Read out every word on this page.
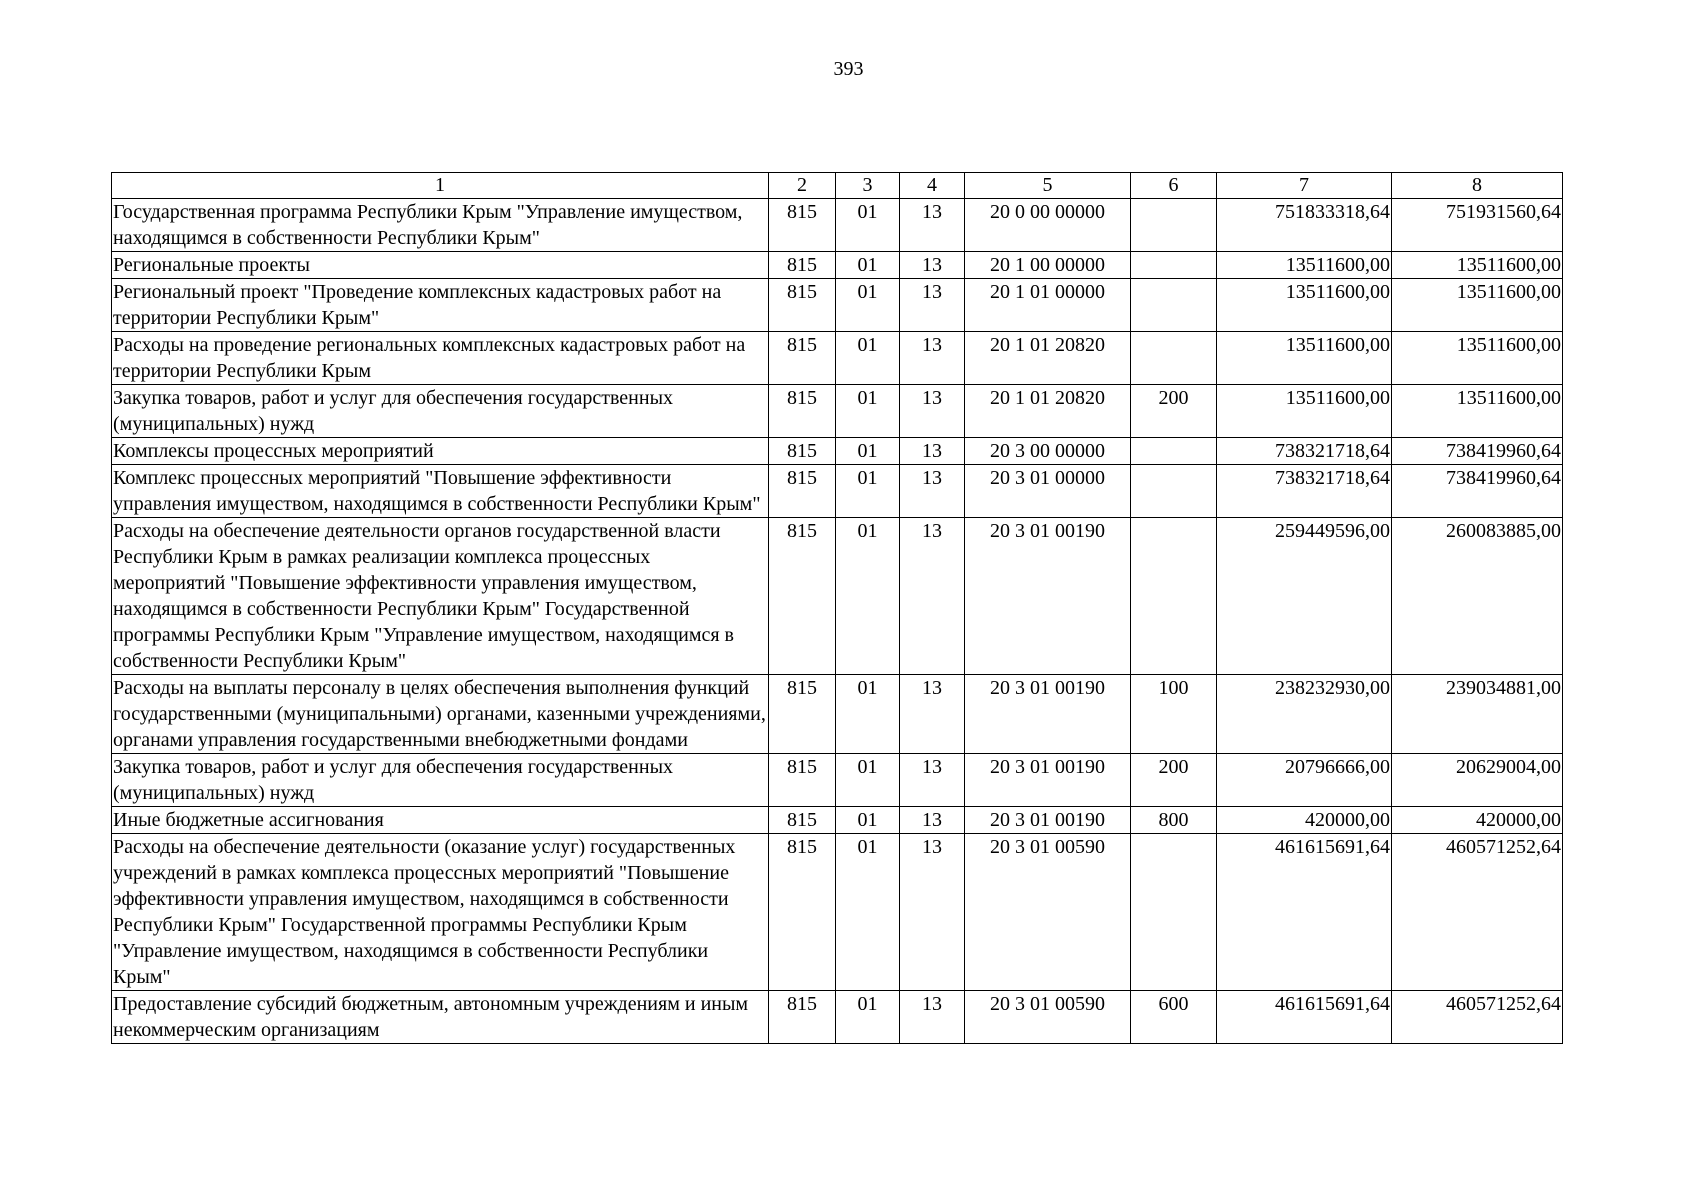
393
1	2	3	4	5	6	7	8
Государственная программа Республики Крым "Управление имуществом, находящимся в собственности Республики Крым"	815	01	13	20 0 00 00000		751833318,64	751931560,64
Региональные проекты	815	01	13	20 1 00 00000		13511600,00	13511600,00
Региональный проект "Проведение комплексных кадастровых работ на территории Республики Крым"	815	01	13	20 1 01 00000		13511600,00	13511600,00
Расходы на проведение региональных комплексных кадастровых работ на территории Республики Крым	815	01	13	20 1 01 20820		13511600,00	13511600,00
Закупка товаров, работ и услуг для обеспечения государственных (муниципальных) нужд	815	01	13	20 1 01 20820	200	13511600,00	13511600,00
Комплексы процессных мероприятий	815	01	13	20 3 00 00000		738321718,64	738419960,64
Комплекс процессных мероприятий "Повышение эффективности управления имуществом, находящимся в собственности Республики Крым"	815	01	13	20 3 01 00000		738321718,64	738419960,64
Расходы на обеспечение деятельности органов государственной власти Республики Крым в рамках реализации комплекса процессных мероприятий "Повышение эффективности управления имуществом, находящимся в собственности Республики Крым" Государственной программы Республики Крым "Управление имуществом, находящимся в собственности Республики Крым"	815	01	13	20 3 01 00190		259449596,00	260083885,00
Расходы на выплаты персоналу в целях обеспечения выполнения функций государственными (муниципальными) органами, казенными учреждениями, органами управления государственными внебюджетными фондами	815	01	13	20 3 01 00190	100	238232930,00	239034881,00
Закупка товаров, работ и услуг для обеспечения государственных (муниципальных) нужд	815	01	13	20 3 01 00190	200	20796666,00	20629004,00
Иные бюджетные ассигнования	815	01	13	20 3 01 00190	800	420000,00	420000,00
Расходы на обеспечение деятельности (оказание услуг) государственных учреждений в рамках комплекса процессных мероприятий "Повышение эффективности управления имуществом, находящимся в собственности Республики Крым" Государственной программы Республики Крым "Управление имуществом, находящимся в собственности Республики Крым"	815	01	13	20 3 01 00590		461615691,64	460571252,64
Предоставление субсидий бюджетным, автономным учреждениям и иным некоммерческим организациям	815	01	13	20 3 01 00590	600	461615691,64	460571252,64
